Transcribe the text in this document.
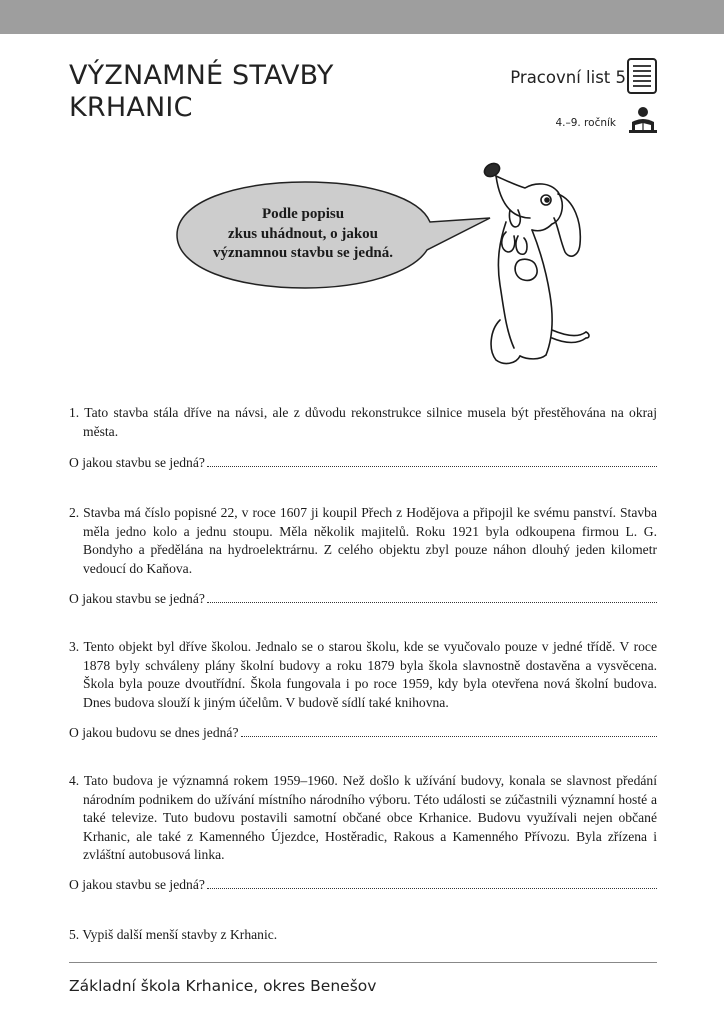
VÝZNAMNÉ STAVBY
KRHANIC
Pracovní list 5
4.–9. ročník
Podle popisu
zkus uhádnout, o jakou
významnou stavbu se jedná.

1. Tato stavba stála dříve na návsi, ale z důvodu rekonstrukce silnice musela být přestěhována na okraj města.

O jakou stavbu se jedná?

2. Stavba má číslo popisné 22, v roce 1607 ji koupil Přech z Hodějova a připojil ke svému panství. Stavba měla jedno kolo a jednu stoupu. Měla několik majitelů. Roku 1921 byla odkoupena firmou L. G. Bondyho a předělána na hydroelektrárnu. Z celého objektu zbyl pouze náhon dlouhý jeden kilometr vedoucí do Kaňova.

O jakou stavbu se jedná?

3. Tento objekt byl dříve školou. Jednalo se o starou školu, kde se vyučovalo pouze v jedné třídě. V roce 1878 byly schváleny plány školní budovy a roku 1879 byla škola slavnostně dostavěna a vysvěcena. Škola byla pouze dvoutřídní. Škola fungovala i po roce 1959, kdy byla otevřena nová školní budova. Dnes budova slouží k jiným účelům. V budově sídlí také knihovna.

O jakou budovu se dnes jedná?

4. Tato budova je významná rokem 1959–1960. Než došlo k užívání budovy, konala se slavnost předání národním podnikem do užívání místního národního výboru. Této události se zúčastnili významní hosté a také televize. Tuto budovu postavili samotní občané obce Krhanice. Budovu využívali nejen občané Krhanic, ale také z Kamenného Újezdce, Hostěradic, Rakous a Kamenného Přívozu. Byla zřízena i zvláštní autobusová linka.

O jakou stavbu se jedná?

5. Vypiš další menší stavby z Krhanic.

Základní škola Krhanice, okres Benešov
